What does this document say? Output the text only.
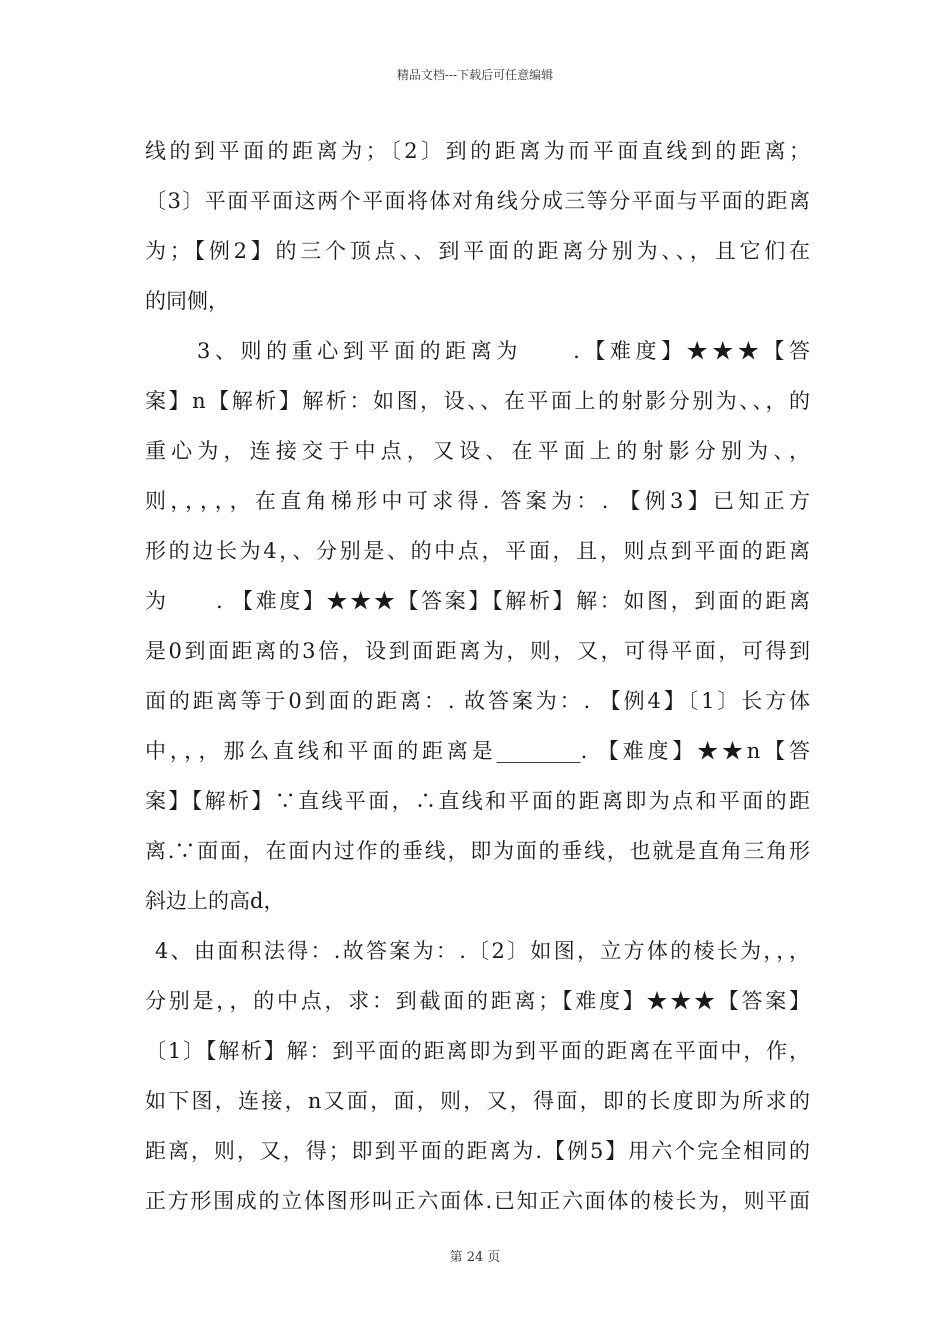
精品文档---下载后可任意编辑
线的到平面的距离为；〔2〕到的距离为而平面直线到的距离；
〔3〕平面平面这两个平面将体对角线分成三等分平面与平面的距离
为；【例2】的三个顶点、、到平面的距离分别为、、，且它们在
的同侧，
3、则的重心到平面的距离为　　.【难度】★★★【答
案】n【解析】解析：如图，设、、在平面上的射影分别为、、，的
重心为，连接交于中点，又设、在平面上的射影分别为、，
则，，，，，在直角梯形中可求得. 答案为：. 【例3】已知正方
形的边长为4，、分别是、的中点，平面，且，则点到平面的距离
为　　. 【难度】★★★【答案】【解析】解：如图，到面的距离
是0到面距离的3倍，设到面距离为，则，又，可得平面，可得到
面的距离等于0到面的距离：. 故答案为：. 【例4】〔1〕长方体
中，，，那么直线和平面的距离是________. 【难度】★★n【答
案】【解析】∵直线平面，∴直线和平面的距离即为点和平面的距
离.∵面面，在面内过作的垂线，即为面的垂线，也就是直角三角形
斜边上的高d，
4、由面积法得：.故答案为：.〔2〕如图，立方体的棱长为，，，
分别是，，的中点，求：到截面的距离；【难度】★★★【答案】
〔1〕【解析】解：到平面的距离即为到平面的距离在平面中，作，
如下图，连接，n又面，面，则，又，得面，即的长度即为所求的
距离，则，又，得；即到平面的距离为.【例5】用六个完全相同的
正方形围成的立体图形叫正六面体.已知正六面体的棱长为，则平面
第 24 页
